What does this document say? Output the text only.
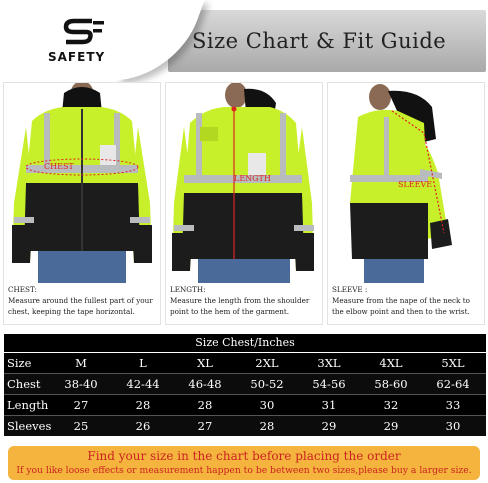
SAFETY
Size Chart & Fit Guide
CHEST
CHEST:
Measure around the fullest part of your chest, keeping the tape horizontal.
LENGTH
LENGTH:
Measure the length from the shoulder point to the hem of the garment.
SLEEVE
SLEEVE :
Measure from the nape of the neck to the elbow point and then to the wrist.
Size Chest/Inches
Size	M	L	XL	2XL	3XL	4XL	5XL
Chest	38-40	42-44	46-48	50-52	54-56	58-60	62-64
Length	27	28	28	30	31	32	33
Sleeves	25	26	27	28	29	29	30
Find your size in the chart before placing the order
If you like loose effects or measurement happen to be between two sizes,please buy a larger size.
